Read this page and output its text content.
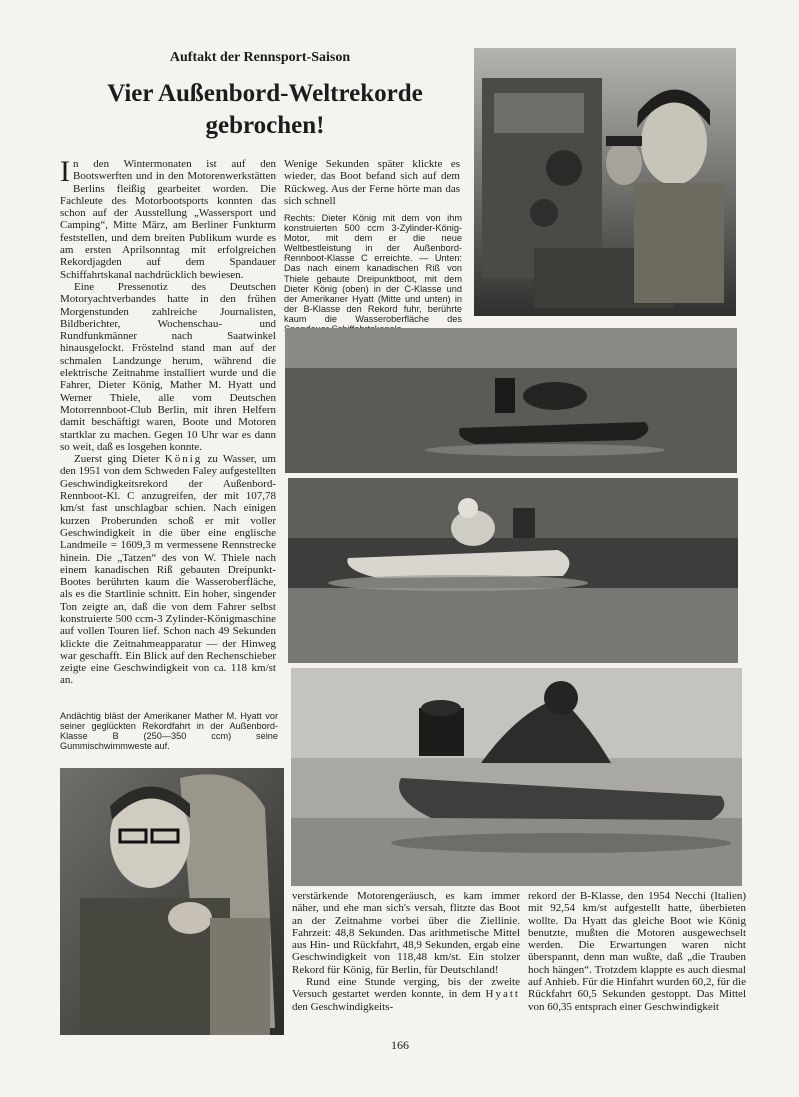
Auftakt der Rennsport-Saison
Vier Außenbord-Weltrekorde
gebrochen!

In den Wintermonaten ist auf den Bootswerften und in den Motorenwerkstätten Berlins fleißig gearbeitet worden. Die Fachleute des Motorbootsports konnten das schon auf der Ausstellung „Wassersport und Camping“, Mitte März, am Berliner Funkturm feststellen, und dem breiten Publikum wurde es am ersten Aprilsonntag mit erfolgreichen Rekordjagden auf dem Spandauer Schiffahrtskanal nachdrücklich bewiesen.

Eine Pressenotiz des Deutschen Motoryachtverbandes hatte in den frühen Morgenstunden zahlreiche Journalisten, Bildberichter, Wochenschau- und Rundfunkmänner nach Saatwinkel hinausgelockt. Fröstelnd stand man auf der schmalen Landzunge herum, während die elektrische Zeitnahme installiert wurde und die Fahrer, Dieter König, Mather M. Hyatt und Werner Thiele, alle vom Deutschen Motorrennboot-Club Berlin, mit ihren Helfern damit beschäftigt waren, Boote und Motoren startklar zu machen. Gegen 10 Uhr war es dann so weit, daß es losgehen konnte.

Zuerst ging Dieter König zu Wasser, um den 1951 von dem Schweden Faley aufgestellten Geschwindigkeitsrekord der Außenbord-Rennboot-Kl. C anzugreifen, der mit 107,78 km/st fast unschlagbar schien. Nach einigen kurzen Proberunden schoß er mit voller Geschwindigkeit in die über eine englische Landmeile = 1609,3 m vermessene Rennstrecke hinein. Die „Tatzen“ des von W. Thiele nach einem kanadischen Riß gebauten Dreipunkt-Bootes berührten kaum die Wasseroberfläche, als es die Startlinie schnitt. Ein hoher, singender Ton zeigte an, daß die von dem Fahrer selbst konstruierte 500 ccm-3 Zylinder-Königmaschine auf vollen Touren lief. Schon nach 49 Sekunden klickte die Zeitnahmeapparatur — der Hinweg war geschafft. Ein Blick auf den Rechenschieber zeigte eine Geschwindigkeit von ca. 118 km/st an.

Wenige Sekunden später klickte es wieder, das Boot befand sich auf dem Rückweg. Aus der Ferne hörte man das sich schnell

Rechts: Dieter König mit dem von ihm konstruierten 500 ccm 3-Zylinder-König-Motor, mit dem er die neue Weltbestleistung in der Außenbord-Rennboot-Klasse C erreichte. — Unten: Das nach einem kanadischen Riß von Thiele gebaute Dreipunktboot, mit dem Dieter König (oben) in der C-Klasse und der Amerikaner Hyatt (Mitte und unten) in der B-Klasse den Rekord fuhr, berührte kaum die Wasseroberfläche des
Andächtig bläst der Amerikaner Mather M. Hyatt vor seiner geglückten Rekordfahrt in der Außenbord-Klasse B (250—350 ccm) seine Gummischwimmweste auf.

verstärkende Motorengeräusch, es kam immer näher, und ehe man sich's versah, flitzte das Boot an der Zeitnahme vorbei über die Ziellinie. Fahrzeit: 48,8 Sekunden. Das arithmetische Mittel aus Hin- und Rückfahrt, 48,9 Sekunden, ergab eine Geschwindigkeit von 118,48 km/st. Ein stolzer Rekord für König, für Berlin, für Deutschland!

Rund eine Stunde verging, bis der zweite Versuch gestartet werden konnte, in dem Hyatt den Geschwindigkeits-

rekord der B-Klasse, den 1954 Necchi (Italien) mit 92,54 km/st aufgestellt hatte, überbieten wollte. Da Hyatt das gleiche Boot wie König benutzte, mußten die Motoren ausgewechselt werden. Die Erwartungen waren nicht überspannt, denn man wußte, daß „die Trauben hoch hängen“. Trotzdem klappte es auch diesmal auf Anhieb. Für die Hinfahrt wurden 60,2, für die Rückfahrt 60,5 Sekunden gestoppt. Das Mittel von 60,35 entsprach einer Geschwindigkeit

166
